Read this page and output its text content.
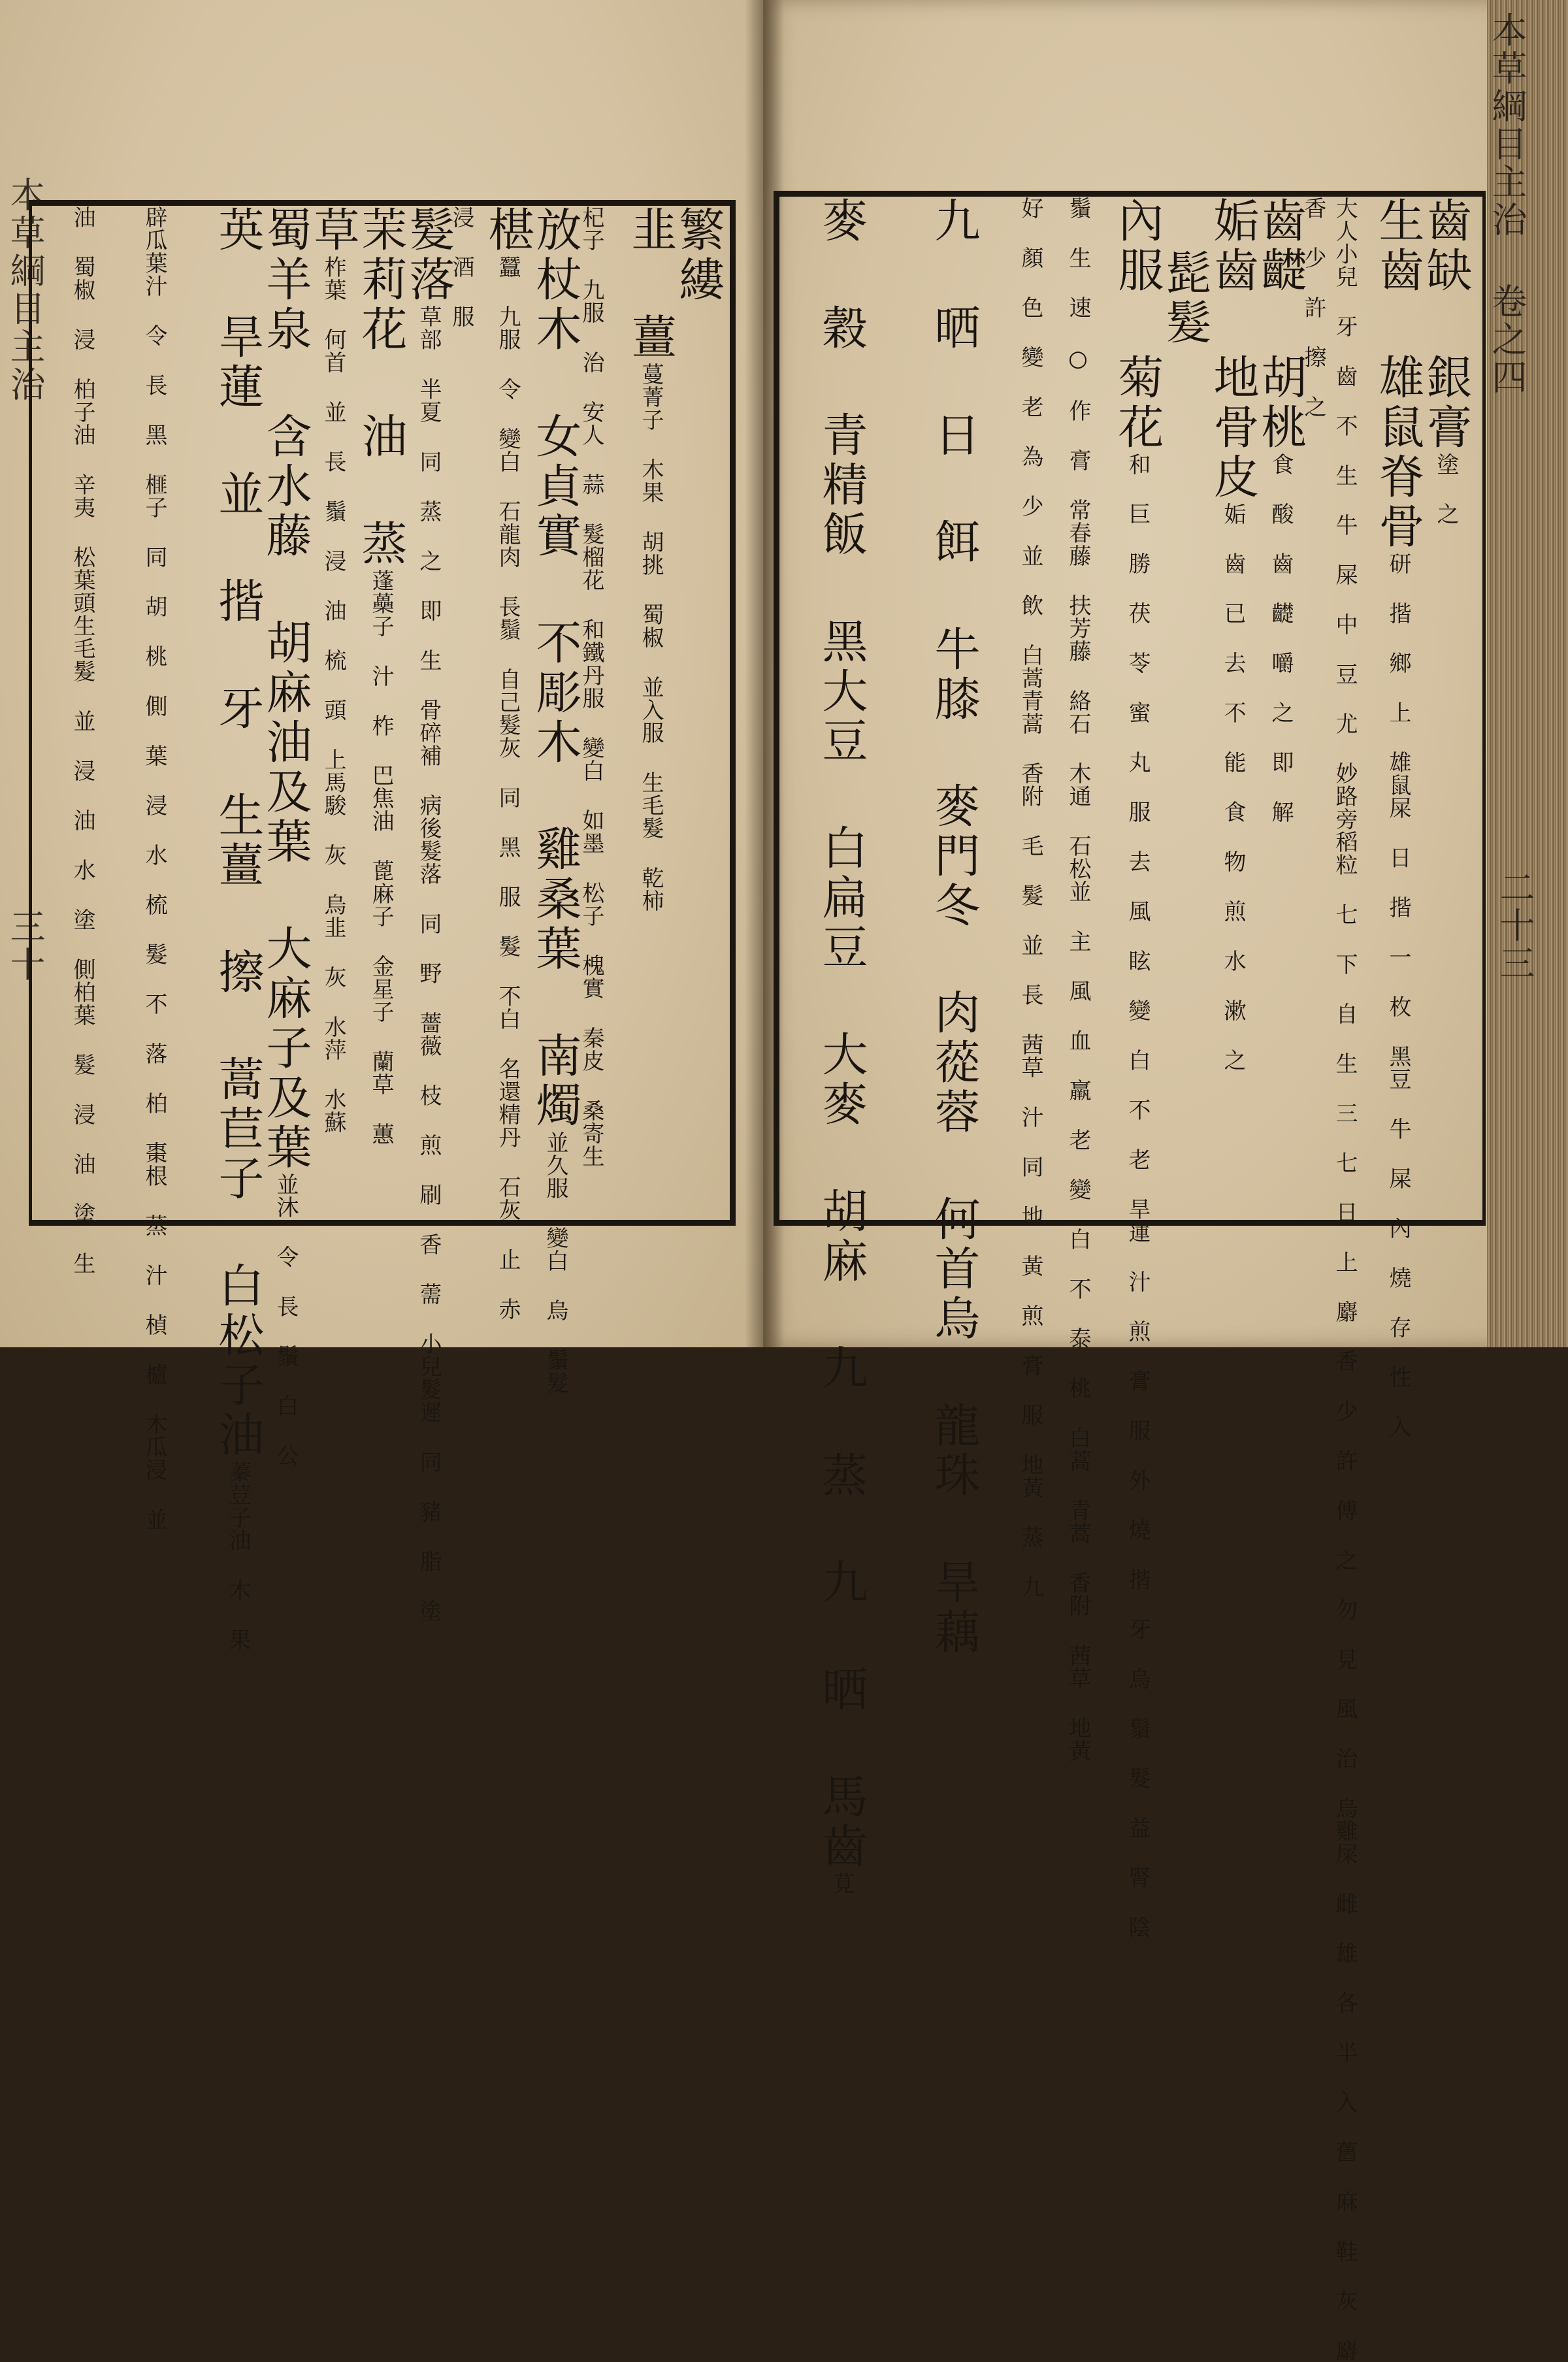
本草綱目主治
三十
繁縷
韭 薑蔓菁子 木果 胡挑 蜀椒 並入服 生毛髮 乾柿
杞子 九服 治 安人 蒜 髮榴花 和鐵丹服 變白 如墨 松子 槐實 秦皮 桑寄生
放杖木 女貞實 不彫木 雞桑葉 南燭並久服 變白 烏 鬚髮
椹蠶 九服 令 變白 石龍肉 長鬚 自己髮灰 同 黑 服 髮 不白 名還精丹 石灰 止 赤
浸 酒 服
髮落草部 半夏 同 蒸 之 即 生 骨碎補 病後髮落 同 野 薔薇 枝 煎 刷 香 薷 小兒髮遲 同 豬 脂 塗
茉莉花 油 蒸蓬蘽子 汁 柞 巴焦油 蓖麻子 金星子 蘭草 蕙
草柞葉 何首 並 長 鬚 浸 油 梳 頭 上馬駿 灰 烏韭 灰 水萍 水蘇
蜀羊泉 含水藤 胡麻油及葉 大麻子及葉並沐 令 長 鬚 白 公
英 旱蓮 並 揩 牙 生薑 擦 蒿苣子 白松子油蓁荳子油 木 果
辟瓜葉汁 令 長 黑 榧子 同 胡 桃 側 葉 浸 水 梳 髮 不 落 柏 棗根 蒸 汁 楨 櫨 木瓜浸 並
油 蜀椒 浸 柏子油 辛夷 松葉頭生毛髮 並 浸 油 水 塗 側柏葉 髮 浸 油 塗 生
本草綱目主治 卷之四
二十三
齒缺 銀膏塗 之
生齒 雄鼠脊骨研 揩 鄉 上 雄鼠屎 日 揩 一 枚 黑豆 牛 屎 內 燒 存 性 入
大人小兒 牙 齒 不 生 牛 屎 中 豆 尤 妙路旁稻粒 七 下 自 生 三 七 日 上 麝 香 少 許 傅 之 勿 見 風 治 烏雞屎 雌 雄 各 半 入 舊 麻 鞋 灰 麝
香 少 許 擦 之
齒齼 胡桃食 酸 齒 齼 嚼 之 即 解
姤齒 地骨皮姤 齒 已 去 不 能 食 物 煎 水 漱 之
髭髮
內服 菊花和 巨 勝 茯 苓 蜜 丸 服 去 風 眩 變 白 不 老 旱蓮 汁 煎 膏 服 外 燒 揩 牙 烏 鬚 髮 益 腎 陰
鬚 生 速 ○ 作 膏 常春藤 扶芳藤 絡石 木通 石松並 主 風 血 羸 老 變 白 不 泰 桃 白蒿 青蒿 香附 茜草 地黃
好 顏 色 變 老 為 少 並 飲 白蒿青蒿 香附 毛 髮 並 長 茜草 汁 同 地 黃 煎 膏 服 地黃 蒸 九
九 晒 日 餌 牛膝 麥門冬 肉蓯蓉 何首烏 龍珠 旱藕
麥 穀 青精飯 黑大豆 白扁豆 大麥 胡麻 九 蒸 九 晒 馬齒莧
